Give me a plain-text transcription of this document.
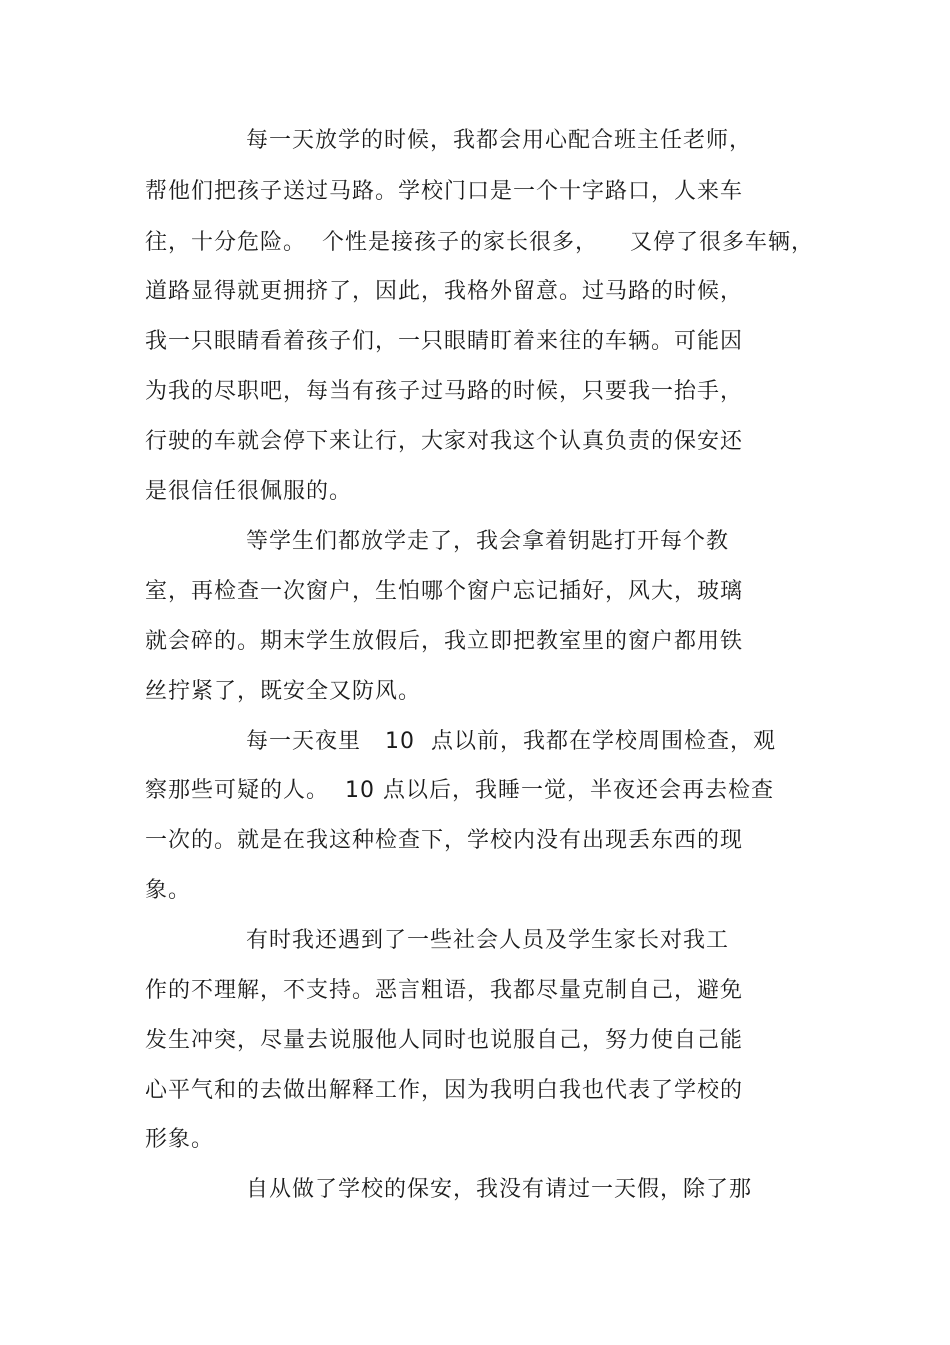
每一天放学的时候，我都会用心配合班主任老师，

帮他们把孩子送过马路。学校门口是一个十字路口，人来车

往，十分危险。  个性是接孩子的家长很多，    又停了很多车辆，

道路显得就更拥挤了，因此，我格外留意。过马路的时候，

我一只眼睛看着孩子们，一只眼睛盯着来往的车辆。可能因

为我的尽职吧，每当有孩子过马路的时候，只要我一抬手，

行驶的车就会停下来让行，大家对我这个认真负责的保安还

是很信任很佩服的。

等学生们都放学走了，我会拿着钥匙打开每个教

室，再检查一次窗户，生怕哪个窗户忘记插好，风大，玻璃

就会碎的。期末学生放假后，我立即把教室里的窗户都用铁

丝拧紧了，既安全又防风。

每一天夜里   10  点以前，我都在学校周围检查，观

察那些可疑的人。  10 点以后，我睡一觉，半夜还会再去检查

一次的。就是在我这种检查下，学校内没有出现丢东西的现

象。

有时我还遇到了一些社会人员及学生家长对我工

作的不理解，不支持。恶言粗语，我都尽量克制自己，避免

发生冲突，尽量去说服他人同时也说服自己，努力使自己能

心平气和的去做出解释工作，因为我明白我也代表了学校的

形象。

自从做了学校的保安，我没有请过一天假，除了那
